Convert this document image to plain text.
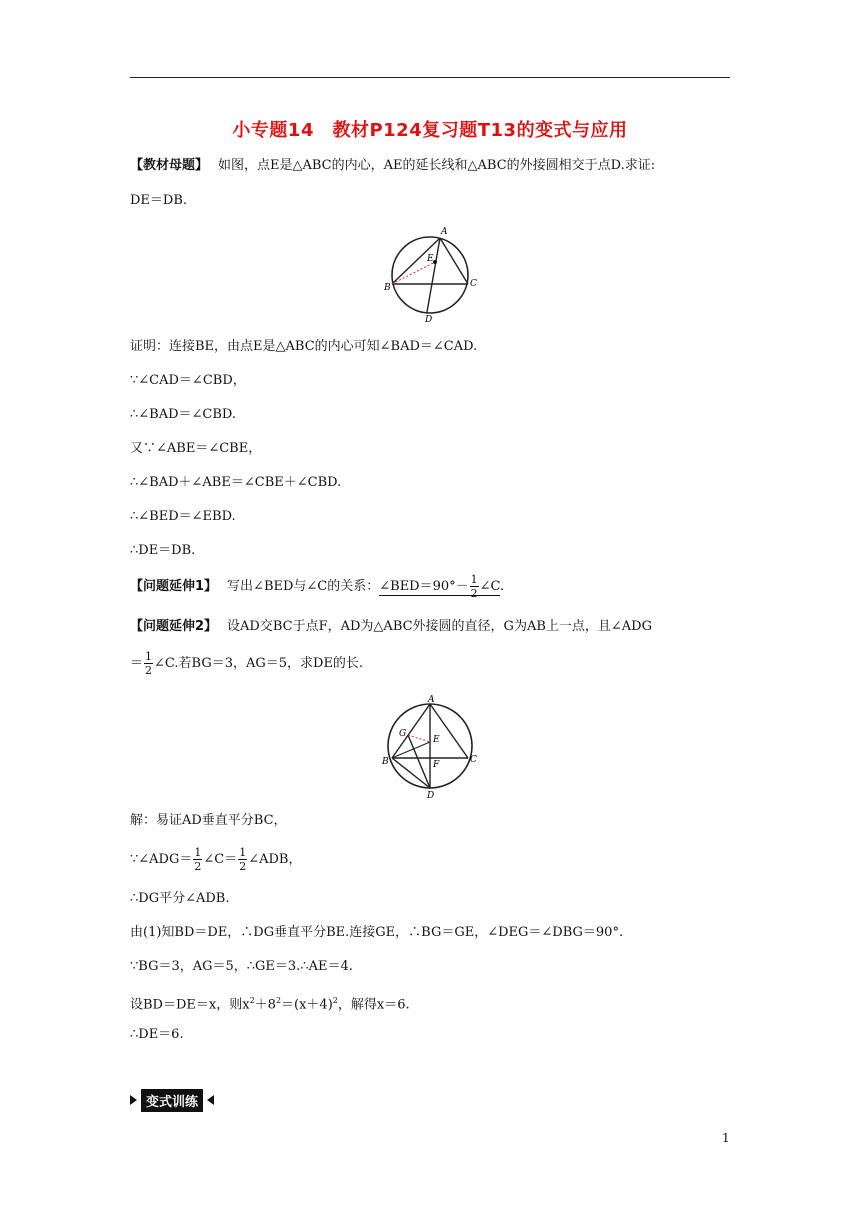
小专题14　教材P124复习题T13的变式与应用
【教材母题】 如图，点E是△ABC的内心，AE的延长线和△ABC的外接圆相交于点D.求证:
DE＝DB.
A
B	C
D
E
证明：连接BE，由点E是△ABC的内心可知∠BAD＝∠CAD.
∵∠CAD＝∠CBD，
∴∠BAD＝∠CBD.
又∵∠ABE＝∠CBE，
∴∠BAD＋∠ABE＝∠CBE＋∠CBD.
∴∠BED＝∠EBD.
∴DE＝DB.
【问题延伸1】 写出∠BED与∠C的关系：∠BED＝90°－ $\frac{1}{2}$ ∠C.
【问题延伸2】 设AD交BC于点F，AD为△ABC外接圆的直径，G为AB上一点，且∠ADG
＝ $\frac{1}{2}$ ∠C.若BG＝3，AG＝5，求DE的长.
A
B	C
D
E
F
G
解：易证AD垂直平分BC，
∵∠ADG＝ $\frac{1}{2}$ ∠C＝ $\frac{1}{2}$ ∠ADB，
∴DG平分∠ADB.
由(1)知BD＝DE，∴DG垂直平分BE.连接GE，∴BG＝GE，∠DEG＝∠DBG＝90°.
∵BG＝3，AG＝5，∴GE＝3.∴AE＝4.
设BD＝DE＝x，则$x^2+8^2=(x+4)^2$，解得x＝6.
∴DE＝6.
变式训练
1
